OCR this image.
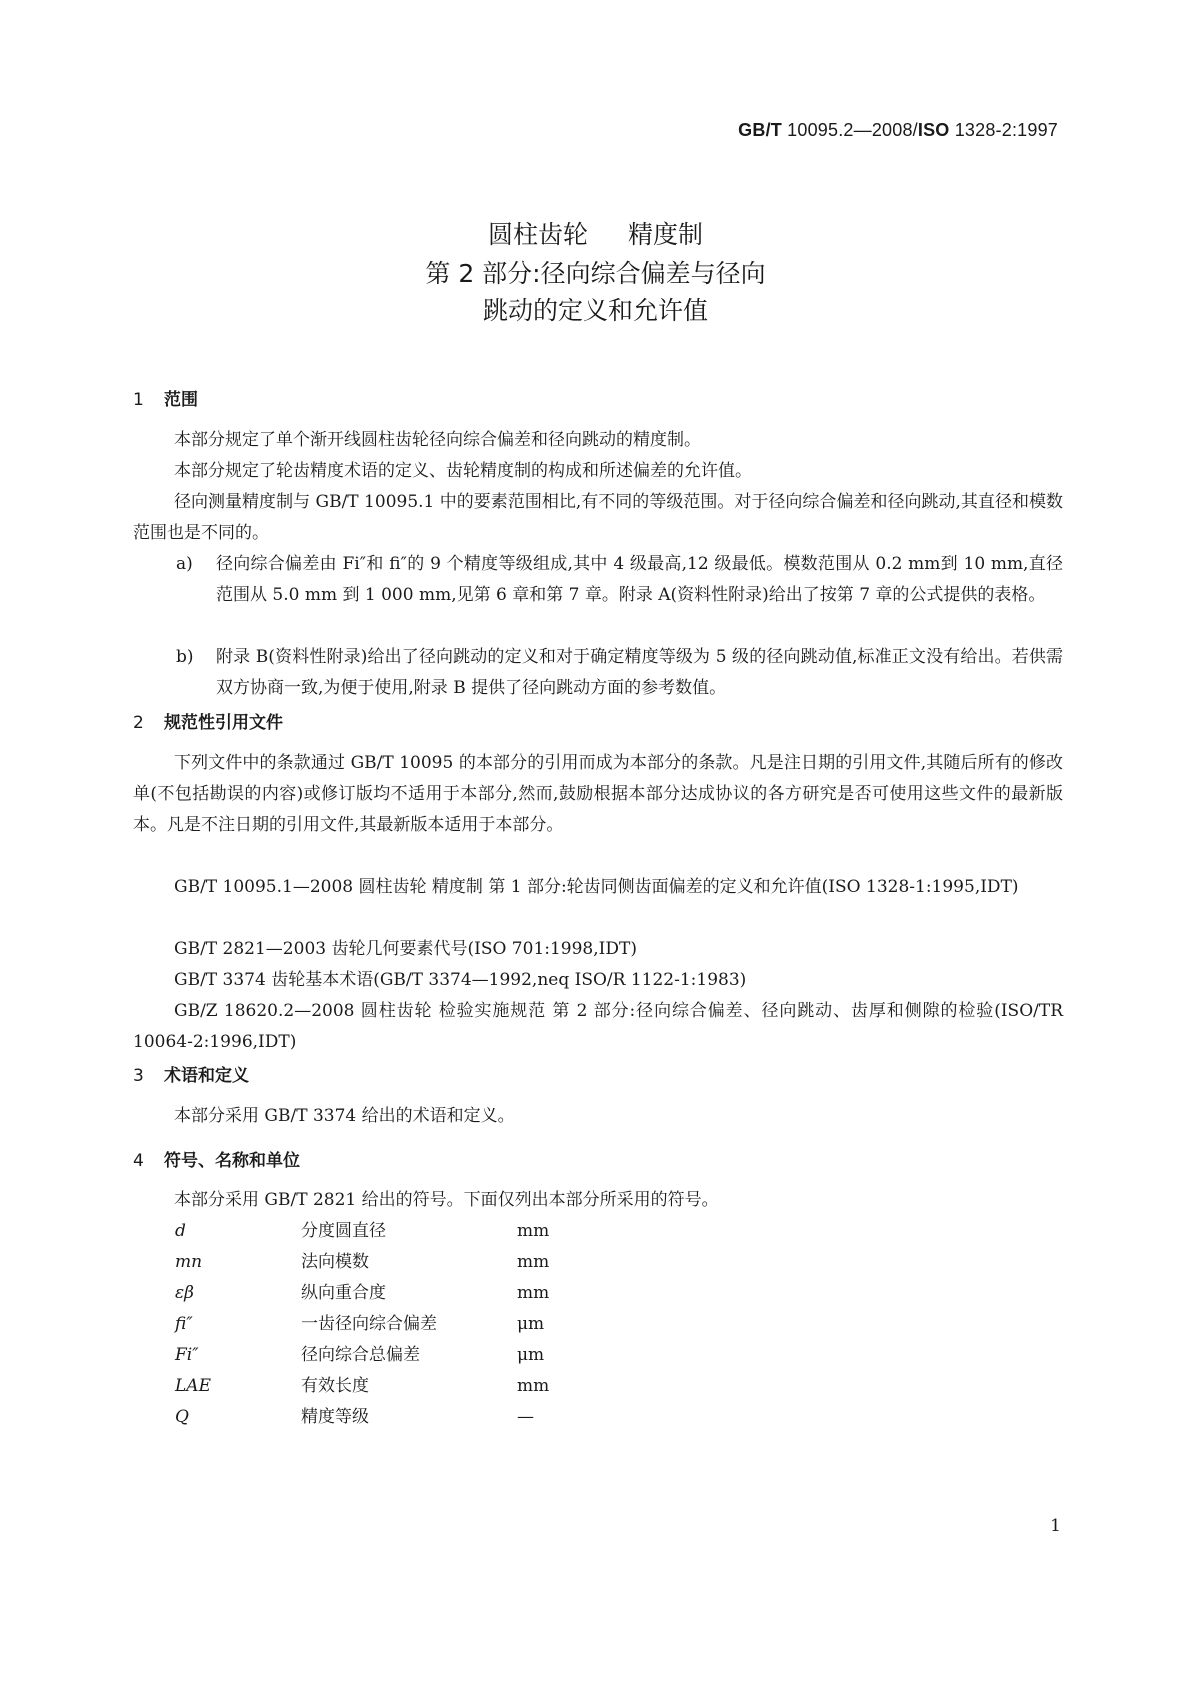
GB/T 10095.2—2008/ISO 1328-2:1997
圆柱齿轮 精度制
第 2 部分:径向综合偏差与径向
跳动的定义和允许值
1 范围
本部分规定了单个渐开线圆柱齿轮径向综合偏差和径向跳动的精度制。
本部分规定了轮齿精度术语的定义、齿轮精度制的构成和所述偏差的允许值。
径向测量精度制与 GB/T 10095.1 中的要素范围相比,有不同的等级范围。对于径向综合偏差和径向跳动,其直径和模数范围也是不同的。
a) 径向综合偏差由 Fi″和 fi″的 9 个精度等级组成,其中 4 级最高,12 级最低。模数范围从 0.2 mm到 10 mm,直径范围从 5.0 mm 到 1 000 mm,见第 6 章和第 7 章。附录 A(资料性附录)给出了按第 7 章的公式提供的表格。
b) 附录 B(资料性附录)给出了径向跳动的定义和对于确定精度等级为 5 级的径向跳动值,标准正文没有给出。若供需双方协商一致,为便于使用,附录 B 提供了径向跳动方面的参考数值。
2 规范性引用文件
下列文件中的条款通过 GB/T 10095 的本部分的引用而成为本部分的条款。凡是注日期的引用文件,其随后所有的修改单(不包括勘误的内容)或修订版均不适用于本部分,然而,鼓励根据本部分达成协议的各方研究是否可使用这些文件的最新版本。凡是不注日期的引用文件,其最新版本适用于本部分。
GB/T 10095.1—2008 圆柱齿轮 精度制 第 1 部分:轮齿同侧齿面偏差的定义和允许值(ISO 1328-1:1995,IDT)
GB/T 2821—2003 齿轮几何要素代号(ISO 701:1998,IDT)
GB/T 3374 齿轮基本术语(GB/T 3374—1992,neq ISO/R 1122-1:1983)
GB/Z 18620.2—2008 圆柱齿轮 检验实施规范 第 2 部分:径向综合偏差、径向跳动、齿厚和侧隙的检验(ISO/TR 10064-2:1996,IDT)
3 术语和定义
本部分采用 GB/T 3374 给出的术语和定义。
4 符号、名称和单位
本部分采用 GB/T 2821 给出的符号。下面仅列出本部分所采用的符号。
d	分度圆直径	mm
mn	法向模数	mm
εβ	纵向重合度	mm
fi″	一齿径向综合偏差	μm
Fi″	径向综合总偏差	μm
LAE	有效长度	mm
Q	精度等级	—
1
